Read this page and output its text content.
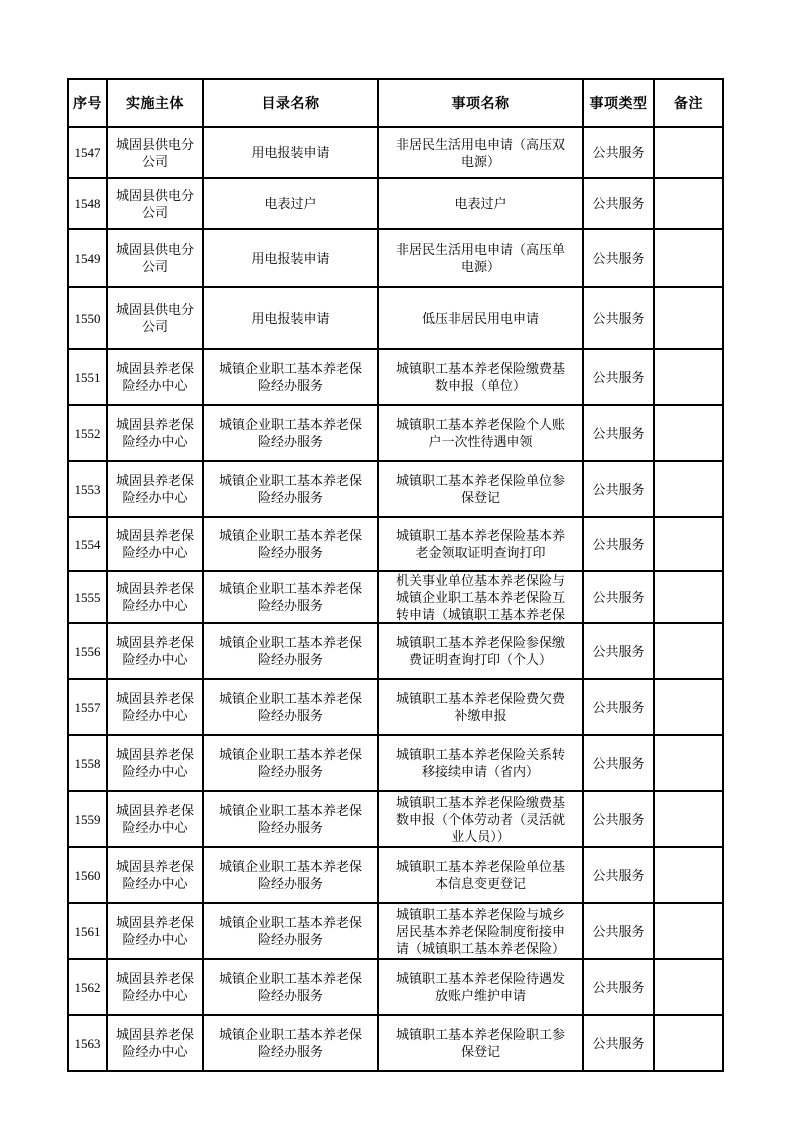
序号	实施主体	目录名称	事项名称	事项类型	备注

1547	城固县供电分公司	用电报装申请	非居民生活用电申请（高压双电源）	公共服务	

1548	城固县供电分公司	电表过户	电表过户	公共服务	

1549	城固县供电分公司	用电报装申请	非居民生活用电申请（高压单电源）	公共服务	

1550	城固县供电分公司	用电报装申请	低压非居民用电申请	公共服务	

1551	城固县养老保险经办中心	城镇企业职工基本养老保险经办服务	城镇职工基本养老保险缴费基数申报（单位）	公共服务	

1552	城固县养老保险经办中心	城镇企业职工基本养老保险经办服务	城镇职工基本养老保险个人账户一次性待遇申领	公共服务	

1553	城固县养老保险经办中心	城镇企业职工基本养老保险经办服务	城镇职工基本养老保险单位参保登记	公共服务	

1554	城固县养老保险经办中心	城镇企业职工基本养老保险经办服务	城镇职工基本养老保险基本养老金领取证明查询打印	公共服务	

1555	城固县养老保险经办中心	城镇企业职工基本养老保险经办服务	机关事业单位基本养老保险与城镇企业职工基本养老保险互转申请（城镇职工基本养老保	公共服务	

1556	城固县养老保险经办中心	城镇企业职工基本养老保险经办服务	城镇职工基本养老保险参保缴费证明查询打印（个人）	公共服务	

1557	城固县养老保险经办中心	城镇企业职工基本养老保险经办服务	城镇职工基本养老保险费欠费补缴申报	公共服务	

1558	城固县养老保险经办中心	城镇企业职工基本养老保险经办服务	城镇职工基本养老保险关系转移接续申请（省内）	公共服务	

1559	城固县养老保险经办中心	城镇企业职工基本养老保险经办服务	城镇职工基本养老保险缴费基数申报（个体劳动者（灵活就业人员））	公共服务	

1560	城固县养老保险经办中心	城镇企业职工基本养老保险经办服务	城镇职工基本养老保险单位基本信息变更登记	公共服务	

1561	城固县养老保险经办中心	城镇企业职工基本养老保险经办服务	城镇职工基本养老保险与城乡居民基本养老保险制度衔接申请（城镇职工基本养老保险）	公共服务	

1562	城固县养老保险经办中心	城镇企业职工基本养老保险经办服务	城镇职工基本养老保险待遇发放账户维护申请	公共服务	

1563	城固县养老保险经办中心	城镇企业职工基本养老保险经办服务	城镇职工基本养老保险职工参保登记	公共服务	
